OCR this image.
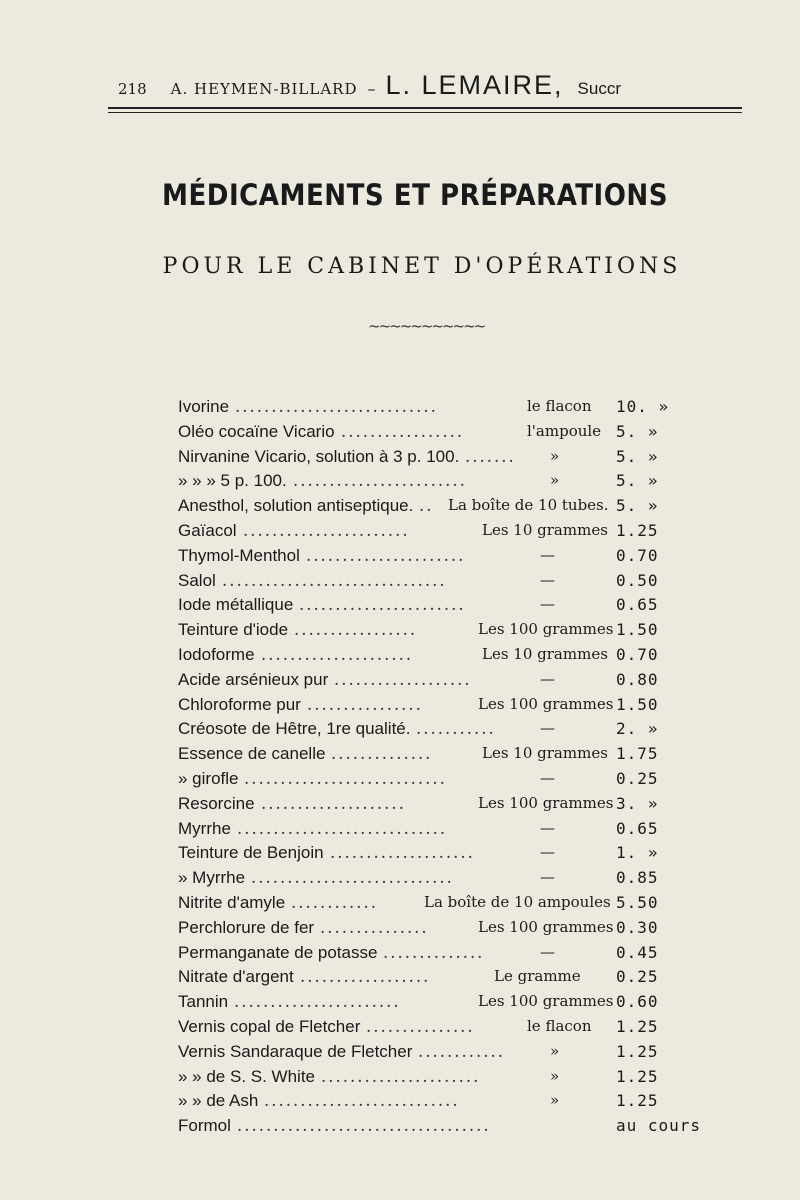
218 A. HEYMEN-BILLARD – L. LEMAIRE, Succr
MÉDICAMENTS ET PRÉPARATIONS
POUR LE CABINET D'OPÉRATIONS
~~~~~~~~~~~
Ivorine ............................	le flacon 10. »
Oléo cocaïne Vicario .................	l'ampoule 5. »
Nirvanine Vicario, solution à 3 p. 100. ....... »	5. »
» » » 5 p. 100. ........................	»	5. »
Anesthol, solution antiseptique. .. La boîte de 10 tubes. 5. »
Gaïacol .......................	Les 10 grammes 1.25
Thymol-Menthol ......................	—	0.70
Salol ...............................	—	0.50
Iode métallique .......................	—	0.65
Teinture d'iode .................	Les 100 grammes 1.50
Iodoforme .....................	Les 10 grammes 0.70
Acide arsénieux pur ...................	—	0.80
Chloroforme pur ................	Les 100 grammes 1.50
Créosote de Hêtre, 1re qualité. ...........	—	2. »
Essence de canelle ..............	Les 10 grammes 1.75
» girofle ............................	—	0.25
Resorcine ....................	Les 100 grammes 3. »
Myrrhe .............................	—	0.65
Teinture de Benjoin ....................	—	1. »
» Myrrhe ............................	—	0.85
Nitrite d'amyle ............	La boîte de 10 ampoules 5.50
Perchlorure de fer ...............	Les 100 grammes 0.30
Permanganate de potasse ..............	—	0.45
Nitrate d'argent ..................	Le gramme 0.25
Tannin .......................	Les 100 grammes 0.60
Vernis copal de Fletcher ...............	le flacon 1.25
Vernis Sandaraque de Fletcher ............	»	1.25
» » de S. S. White ......................	»	1.25
» » de Ash ...........................	»	1.25
Formol ...................................	au cours
